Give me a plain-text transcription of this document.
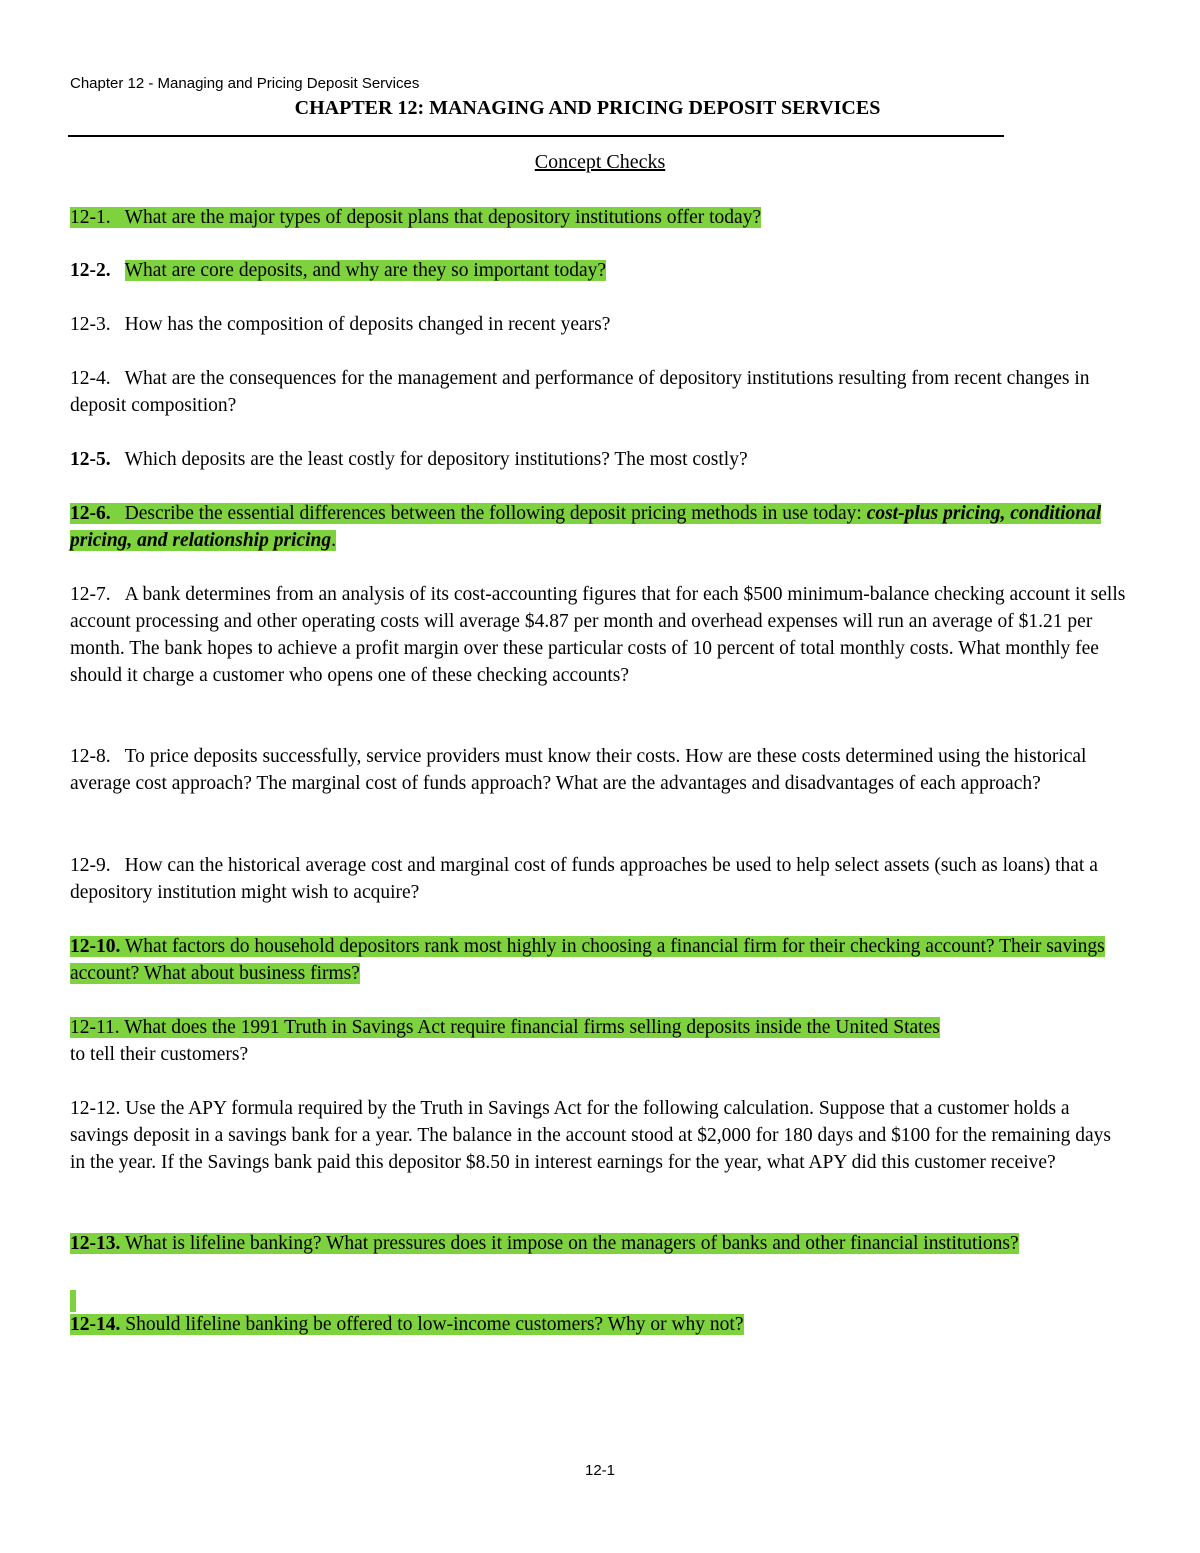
Chapter 12 - Managing and Pricing Deposit Services
CHAPTER 12: MANAGING AND PRICING DEPOSIT SERVICES
Concept Checks
12-1. What are the major types of deposit plans that depository institutions offer today?
12-2. What are core deposits, and why are they so important today?
12-3. How has the composition of deposits changed in recent years?
12-4. What are the consequences for the management and performance of depository institutions resulting from recent changes in deposit composition?
12-5. Which deposits are the least costly for depository institutions? The most costly?
12-6. Describe the essential differences between the following deposit pricing methods in use today: cost-plus pricing, conditional pricing, and relationship pricing.
12-7. A bank determines from an analysis of its cost-accounting figures that for each $500 minimum-balance checking account it sells account processing and other operating costs will average $4.87 per month and overhead expenses will run an average of $1.21 per month. The bank hopes to achieve a profit margin over these particular costs of 10 percent of total monthly costs. What monthly fee should it charge a customer who opens one of these checking accounts?
12-8. To price deposits successfully, service providers must know their costs. How are these costs determined using the historical average cost approach? The marginal cost of funds approach? What are the advantages and disadvantages of each approach?
12-9. How can the historical average cost and marginal cost of funds approaches be used to help select assets (such as loans) that a depository institution might wish to acquire?
12-10. What factors do household depositors rank most highly in choosing a financial firm for their checking account? Their savings account? What about business firms?
12-11. What does the 1991 Truth in Savings Act require financial firms selling deposits inside the United States
to tell their customers?
12-12. Use the APY formula required by the Truth in Savings Act for the following calculation. Suppose that a customer holds a savings deposit in a savings bank for a year. The balance in the account stood at $2,000 for 180 days and $100 for the remaining days in the year. If the Savings bank paid this depositor $8.50 in interest earnings for the year, what APY did this customer receive?
12-13. What is lifeline banking? What pressures does it impose on the managers of banks and other financial institutions?
12-14. Should lifeline banking be offered to low-income customers? Why or why not?
12-1
